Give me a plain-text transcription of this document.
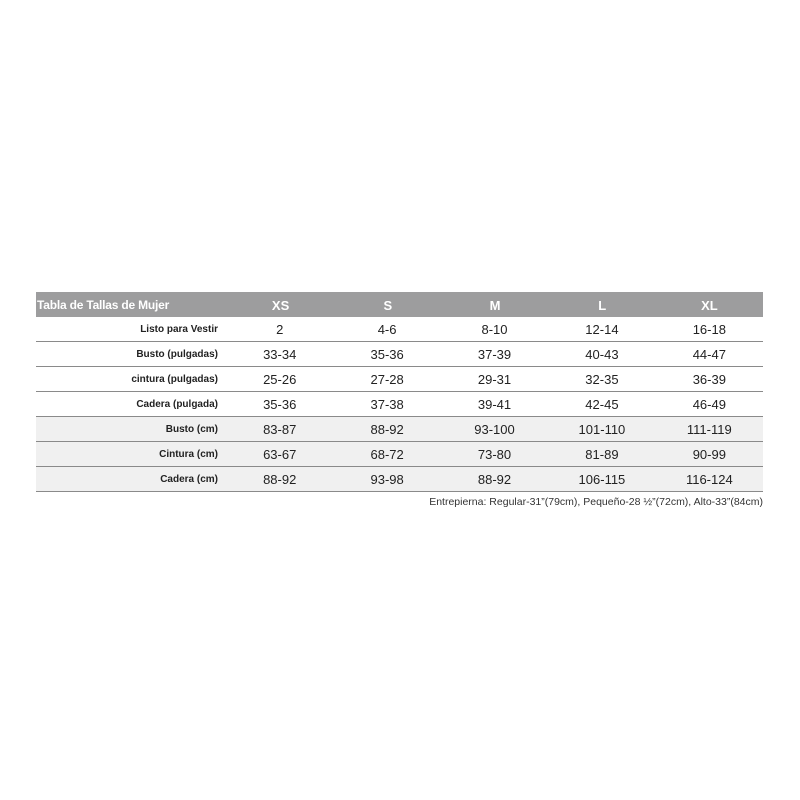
Tabla de Tallas de Mujer	XS	S	M	L	XL
Listo para Vestir	2	4-6	8-10	12-14	16-18
Busto (pulgadas)	33-34	35-36	37-39	40-43	44-47
cintura (pulgadas)	25-26	27-28	29-31	32-35	36-39
Cadera (pulgada)	35-36	37-38	39-41	42-45	46-49
Busto (cm)	83-87	88-92	93-100	101-110	111-119
Cintura (cm)	63-67	68-72	73-80	81-89	90-99
Cadera (cm)	88-92	93-98	88-92	106-115	116-124
Entrepierna: Regular-31”(79cm), Pequeño-28 ½”(72cm), Alto-33”(84cm)
